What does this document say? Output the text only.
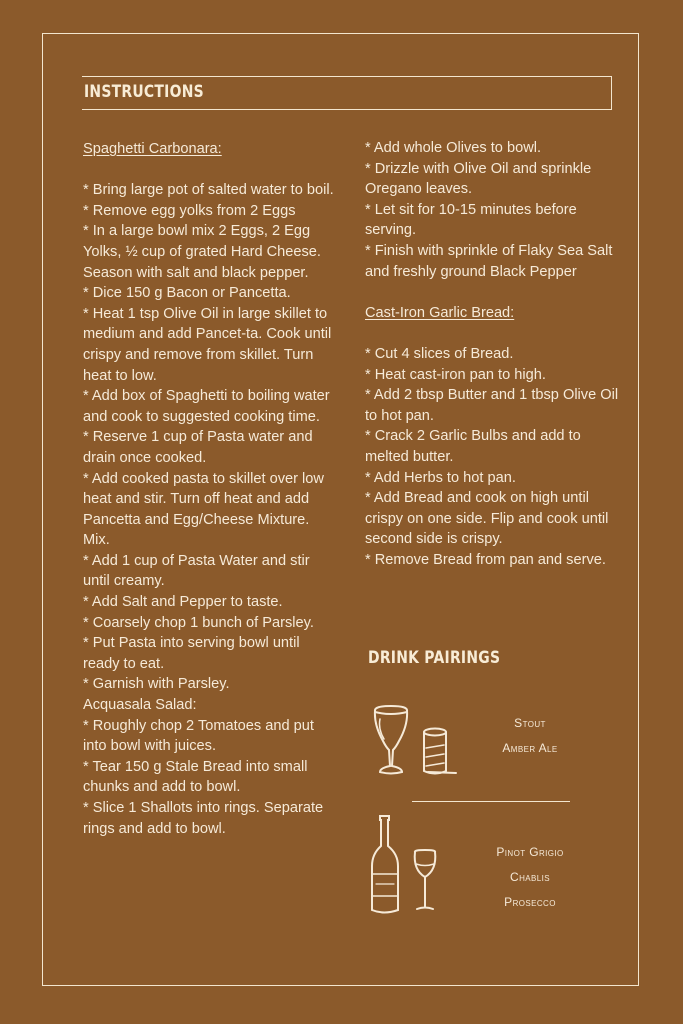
INSTRUCTIONS

Spaghetti Carbonara:

* Bring large pot of salted water to boil.

* Remove egg yolks from 2 Eggs

* In a large bowl mix 2 Eggs, 2 Egg Yolks, ½ cup of grated Hard Cheese. Season with salt and black pepper.

* Dice 150 g Bacon or Pancetta.

* Heat 1 tsp Olive Oil in large skillet to medium and add Pancet-ta. Cook until crispy and remove from skillet. Turn heat to low.

* Add box of Spaghetti to boiling water and cook to suggested cooking time.

* Reserve 1 cup of Pasta water and drain once cooked.

* Add cooked pasta to skillet over low heat and stir. Turn off heat and add Pancetta and Egg/Cheese Mixture. Mix.

* Add 1 cup of Pasta Water and stir until creamy.

* Add Salt and Pepper to taste.

* Coarsely chop 1 bunch of Parsley.

* Put Pasta into serving bowl until ready to eat.

* Garnish with Parsley.

Acquasala Salad:

* Roughly chop 2 Tomatoes and put into bowl with juices.

* Tear 150 g Stale Bread into small chunks and add to bowl.

* Slice 1 Shallots into rings. Separate rings and add to bowl.

* Add whole Olives to bowl.

* Drizzle with Olive Oil and sprinkle Oregano leaves.

* Let sit for 10-15 minutes before serving.

* Finish with sprinkle of Flaky Sea Salt and freshly ground Black Pepper

Cast-Iron Garlic Bread:

* Cut 4 slices of Bread.

* Heat cast-iron pan to high.

* Add 2 tbsp Butter and 1 tbsp Olive Oil to hot pan.

* Crack 2 Garlic Bulbs and add to melted butter.

* Add Herbs to hot pan.

* Add Bread and cook on high until crispy on one side. Flip and cook until second side is crispy.

* Remove Bread from pan and serve.

DRINK PAIRINGS
Stout
Amber Ale
Pinot Grigio
Chablis
Prosecco
